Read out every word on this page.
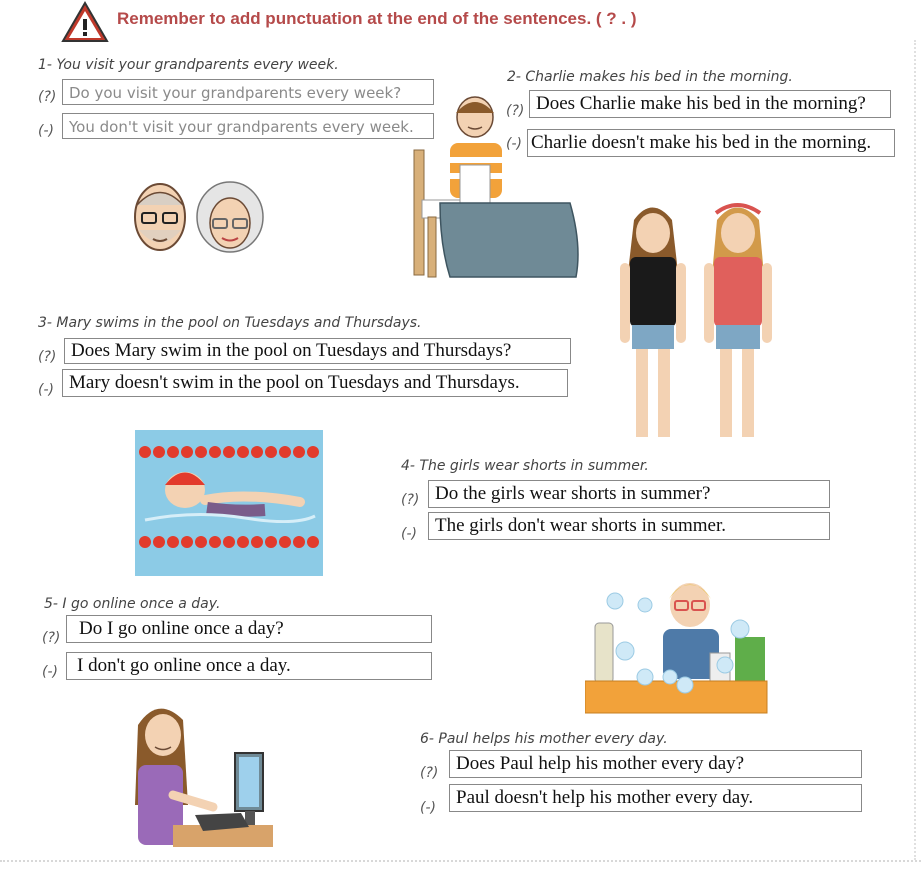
Remember to add punctuation at the end of the sentences. ( ? . )
1- You visit your grandparents every week.
(?) Do you visit your grandparents every week?
(-)	You don't visit your grandparents every week.
2- Charlie makes his bed in the morning.
(?) Does Charlie make his bed in the morning?
(-) Charlie doesn't make his bed in the morning.
3- Mary swims in the pool on Tuesdays and Thursdays.
(?) Does Mary swim in the pool on Tuesdays and Thursdays?
(-) Mary doesn't swim in the pool on Tuesdays and Thursdays.
4- The girls wear shorts in summer.
(?) Do the girls wear shorts in summer?
(-) The girls don't wear shorts in summer.
5- I go online once a day.
(?) Do I go online once a day?
(-)	I don't go online once a day.
6- Paul helps his mother every day.
(?) Does Paul help his mother every day?
(-)	Paul doesn't help his mother every day.
